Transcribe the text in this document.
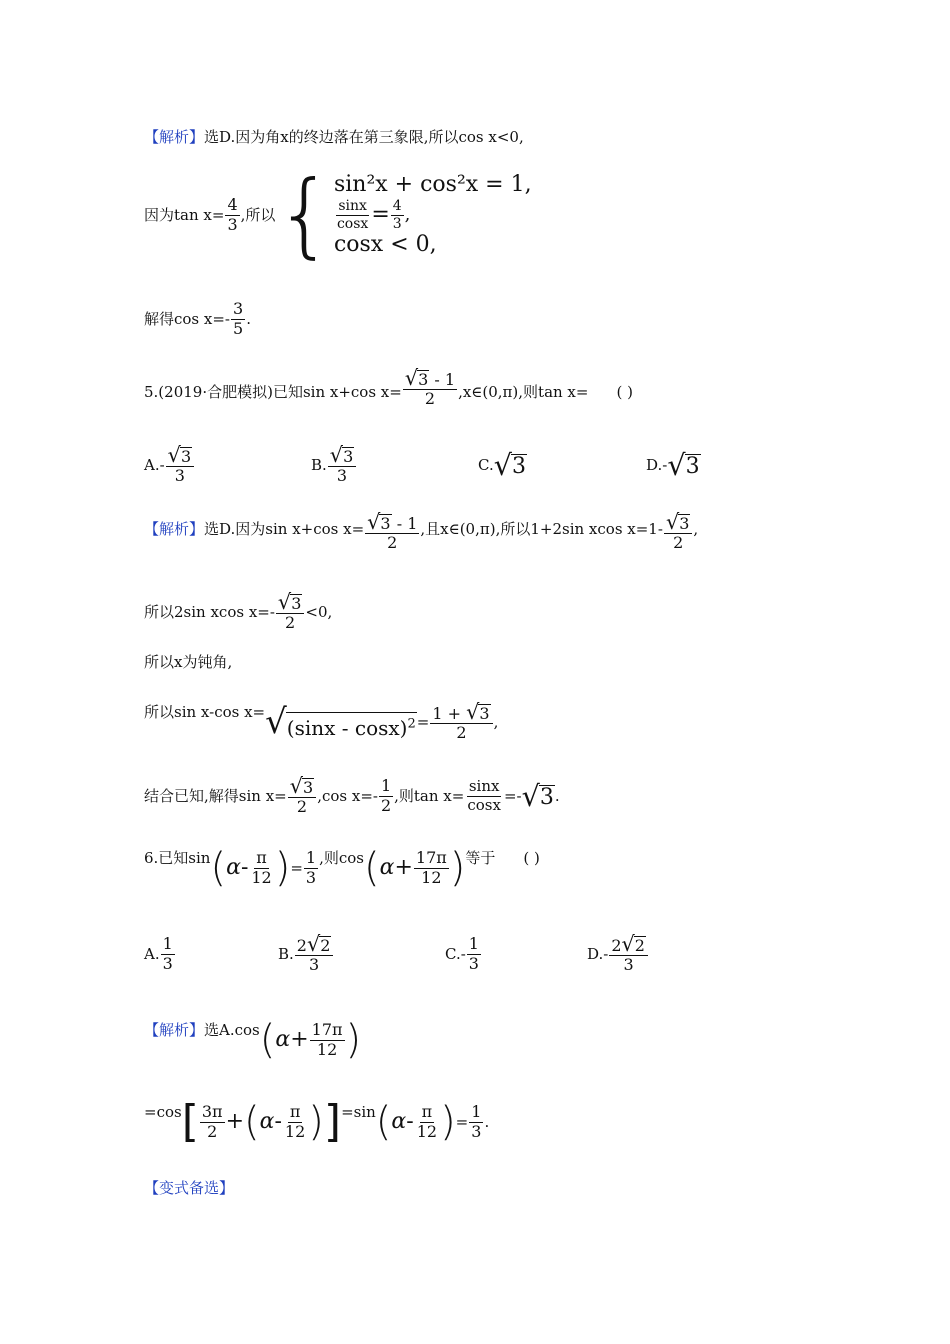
【解析】选D.因为角x的终边落在第三象限,所以cos x<0,
因为$\tan x= \frac{4}{3}$ ,所以 { sin²x + cos²x = 1,
$\frac{\sin x}{\cos x} = \frac{4}{3}$ ,
cosx < 0,
解得$\cos x=- \frac{3}{5}$ .
5.(2019·合肥模拟)已知sin x+cos $x= \frac{√ 3 - 1}{2}$ ,x∈(0,π),则tan x= ( )
$A.- \frac{√ 3}{3}$	B. $\frac{√ 3}{3}$	C. √ 3	D.- √ 3
【解析】选D.因为sin x+cos $x= \frac{√ 3 - 1}{2}$ ,且x∈(0,π),所以1+2sin xcos $x=1- \frac{√ 3}{2}$ ,
所以2sin xcos $x=- \frac{√ 3}{2} <0$,
所以x为钝角,
所以sin x-cos x= √ $(\sin x - \cos x)^2 = \frac{1 + √ 3}{2}$ ,
结合已知,解得$\sin x= \frac{√ 3}{2} ,\cos$ $x=- \frac{1}{2}$ ,则$\tan x= \frac{\sin x}{\cos x}$ =- √ 3 .
6.已知sin ( α - $\frac{\pi}{12}$ ) = $\frac{1}{3}$ ,则cos ( $\alpha + \frac{17\pi}{12}$ ) 等于 ( )
A. $\frac{1}{3}$	B. $\frac{2 √ 2}{3}$	$C.- \frac{1}{3}$	$D.- \frac{2 √ 2}{3}$
【解析】选A.cos ( $\alpha + \frac{17\pi}{12}$ )
=cos [ $\frac{3\pi}{2}$ + ( α - $\frac{\pi}{12}$ ) ] =sin ( α - $\frac{\pi}{12}$ ) = $\frac{1}{3}$ .
【变式备选】
